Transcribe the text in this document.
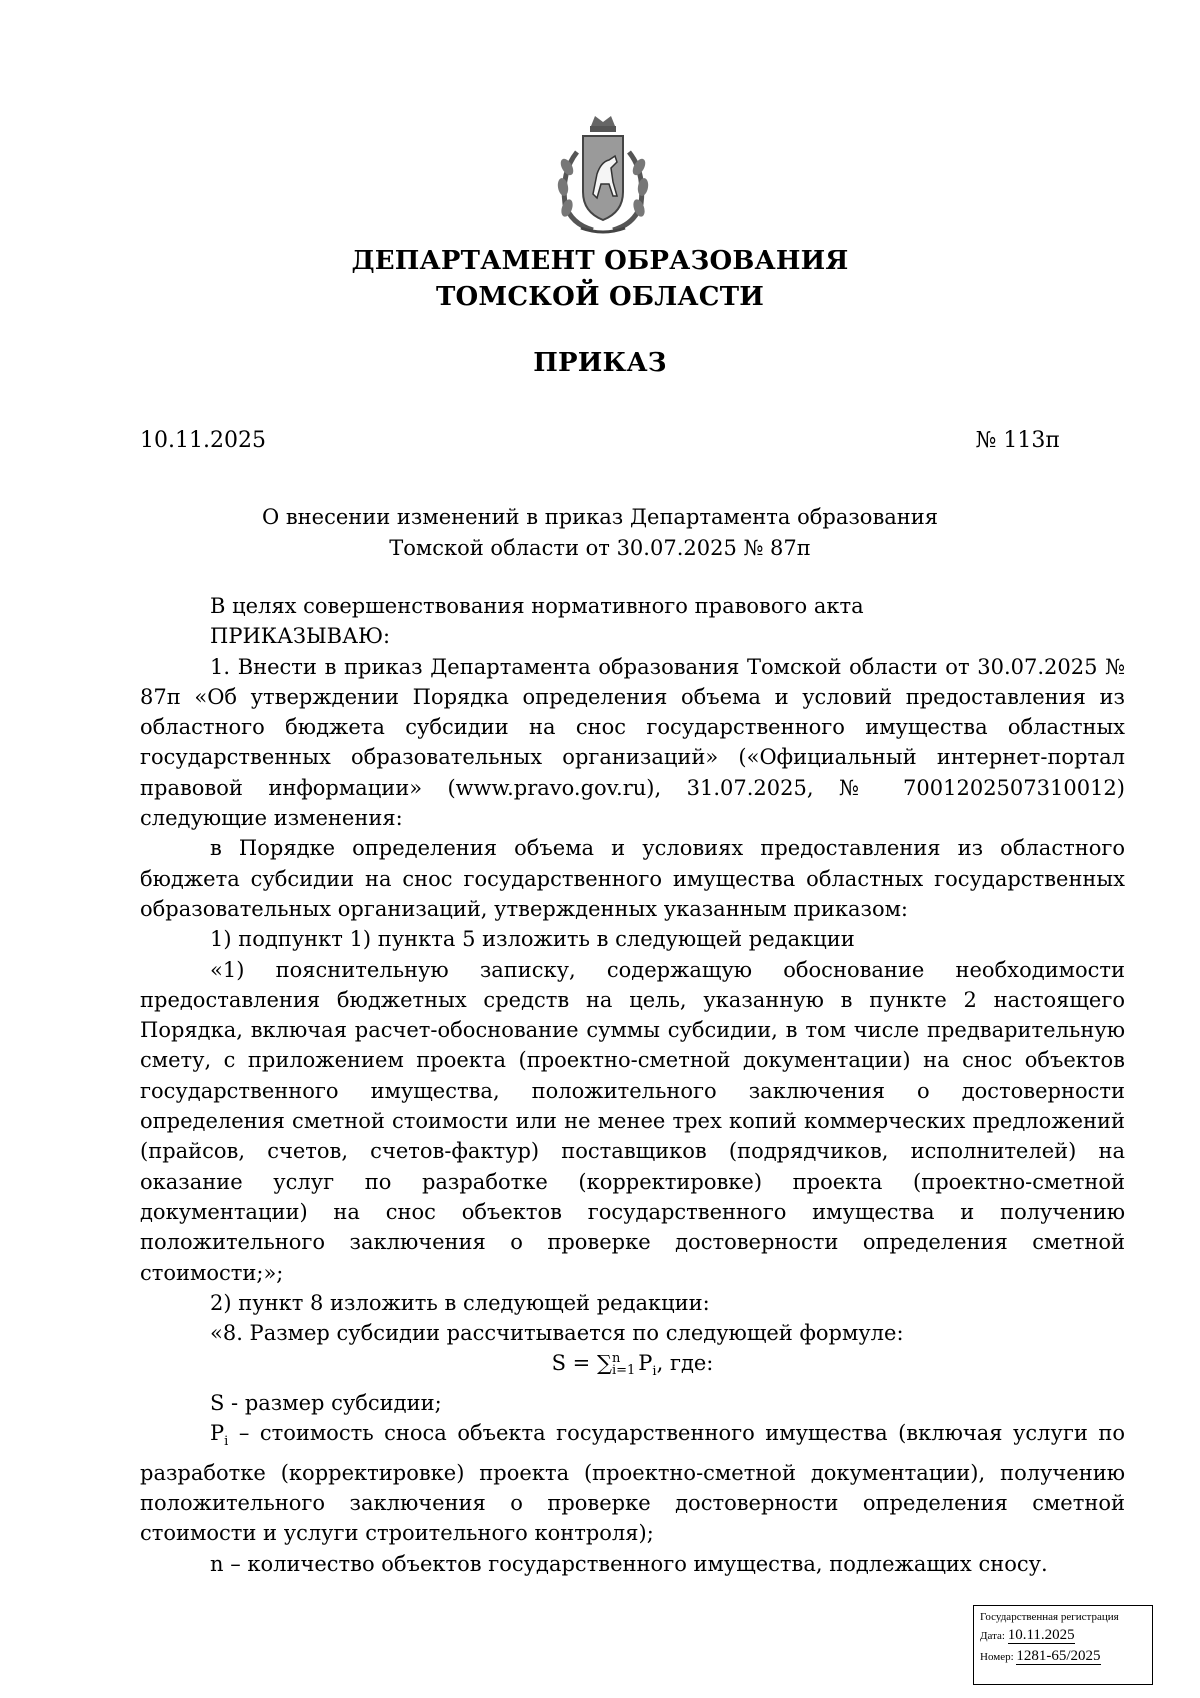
ДЕПАРТАМЕНТ ОБРАЗОВАНИЯ
ТОМСКОЙ ОБЛАСТИ
ПРИКАЗ
10.11.2025	№ 113п
О внесении изменений в приказ Департамента образования
Томской области от 30.07.2025 № 87п

В целях совершенствования нормативного правового акта

ПРИКАЗЫВАЮ:

1. Внести в приказ Департамента образования Томской области от 30.07.2025 № 87п «Об утверждении Порядка определения объема и условий предоставления из областного бюджета субсидии на снос государственного имущества областных государственных образовательных организаций» («Официальный интернет-портал правовой информации» (www.pravo.gov.ru), 31.07.2025, № 7001202507310012) следующие изменения:

в Порядке определения объема и условиях предоставления из областного бюджета субсидии на снос государственного имущества областных государственных образовательных организаций, утвержденных указанным приказом:

1) подпункт 1) пункта 5 изложить в следующей редакции

«1) пояснительную записку, содержащую обоснование необходимости предоставления бюджетных средств на цель, указанную в пункте 2 настоящего Порядка, включая расчет-обоснование суммы субсидии, в том числе предварительную смету, с приложением проекта (проектно-сметной документации) на снос объектов государственного имущества, положительного заключения о достоверности определения сметной стоимости или не менее трех копий коммерческих предложений (прайсов, счетов, счетов-фактур) поставщиков (подрядчиков, исполнителей) на оказание услуг по разработке (корректировке) проекта (проектно-сметной документации) на снос объектов государственного имущества и получению положительного заключения о проверке достоверности определения сметной стоимости;»;

2) пункт 8 изложить в следующей редакции:

«8. Размер субсидии рассчитывается по следующей формуле:

S = ∑ n
i=1 $P_i$, где:

S - размер субсидии;

$P_i$ – стоимость сноса объекта государственного имущества (включая услуги по разработке (корректировке) проекта (проектно-сметной документации), получению положительного заключения о проверке достоверности определения сметной стоимости и услуги строительного контроля);

n – количество объектов государственного имущества, подлежащих сносу.

Государственная регистрация
Дата: 10.11.2025
Номер: 1281-65/2025
